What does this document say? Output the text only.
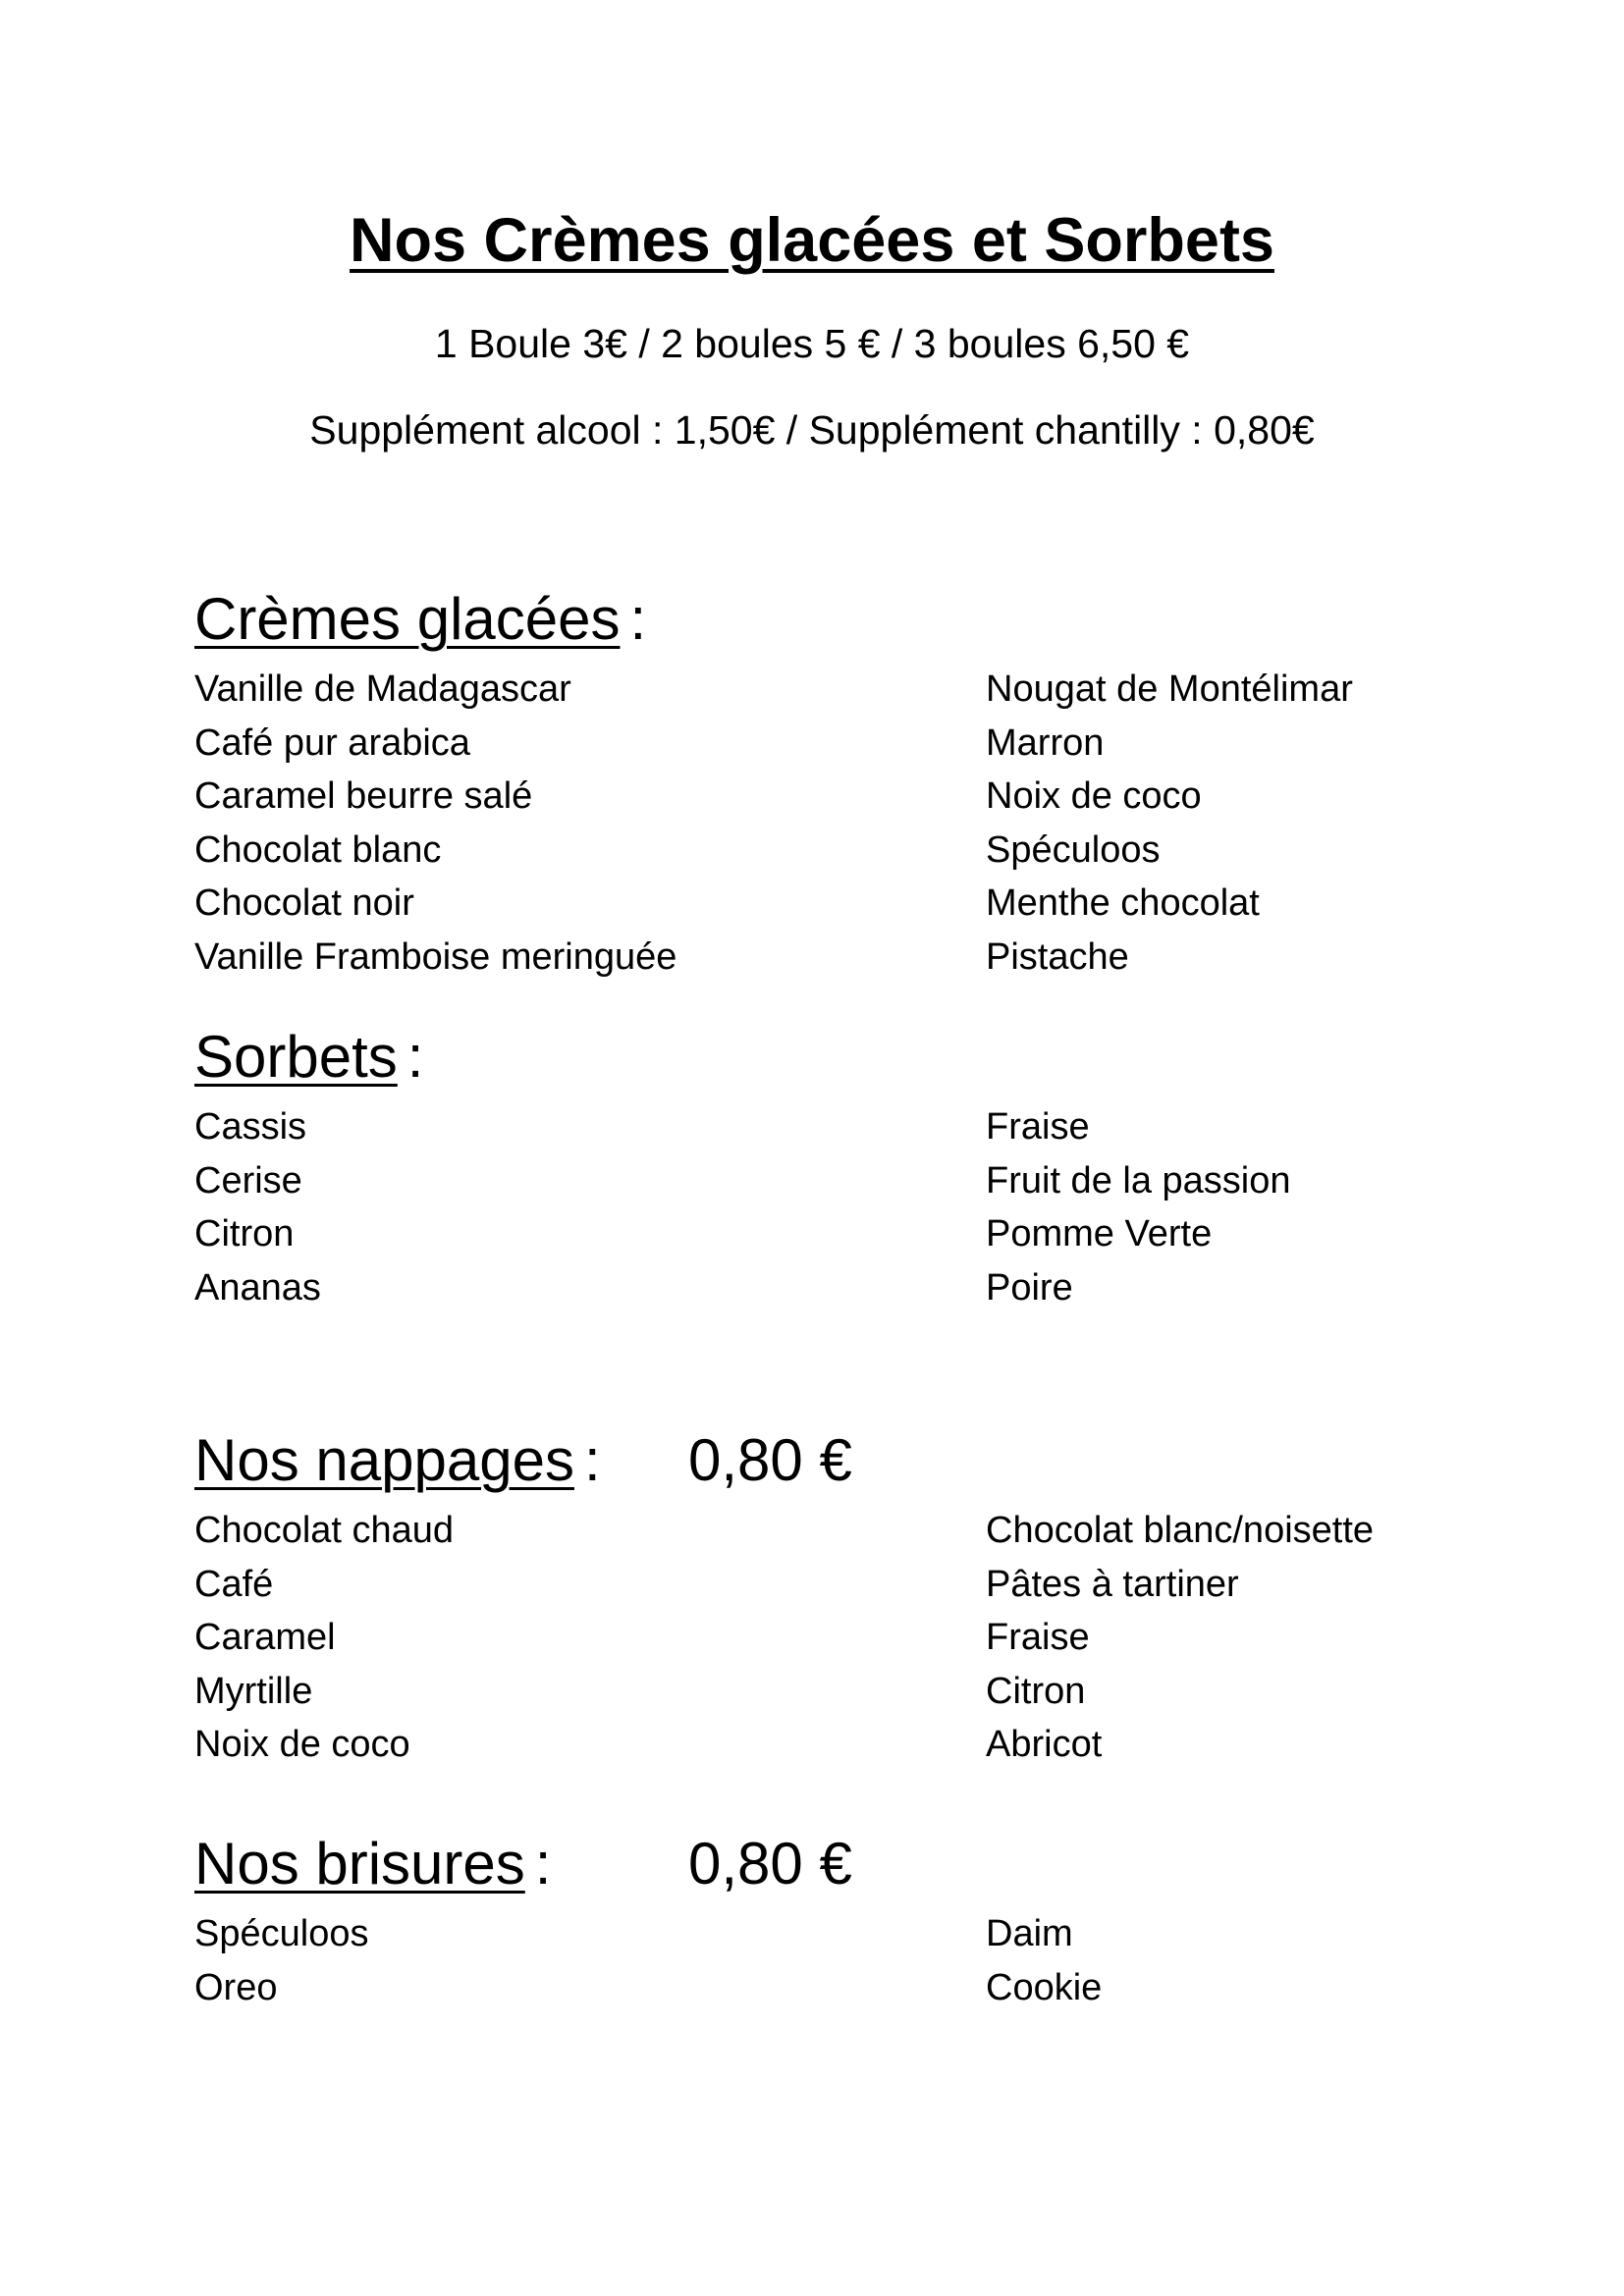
Nos Crèmes glacées et Sorbets
1 Boule 3€ / 2 boules 5 € / 3 boules 6,50 €
Supplément alcool : 1,50€ / Supplément chantilly : 0,80€
Crèmes glacées :
Vanille de Madagascar	Nougat de Montélimar
Café pur arabica	Marron
Caramel beurre salé	Noix de coco
Chocolat blanc	Spéculoos
Chocolat noir	Menthe chocolat
Vanille Framboise meringuée	Pistache
Sorbets :
Cassis	Fraise
Cerise	Fruit de la passion
Citron	Pomme Verte
Ananas	Poire
Nos nappages : 0,80 €
Chocolat chaud	Chocolat blanc/noisette
Café	Pâtes à tartiner
Caramel	Fraise
Myrtille	Citron
Noix de coco	Abricot
Nos brisures : 0,80 €
Spéculoos	Daim
Oreo	Cookie
